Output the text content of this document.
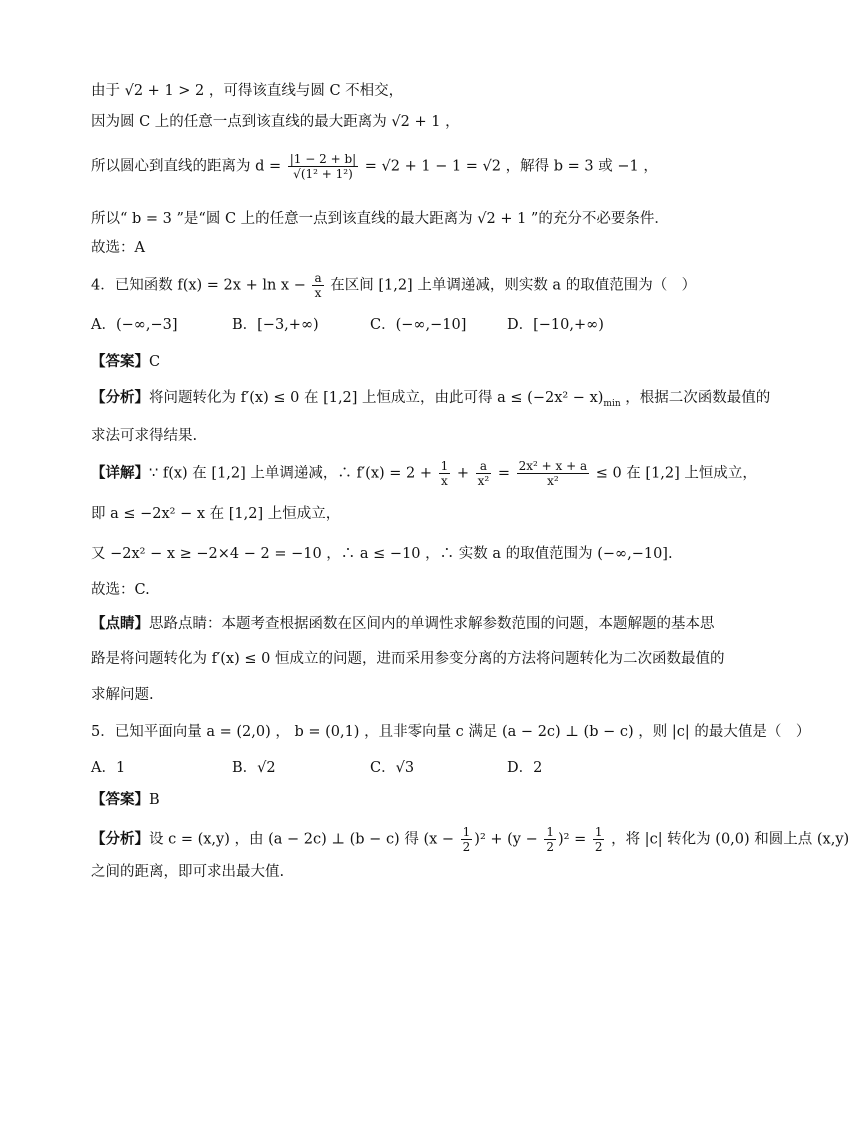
由于 √2 + 1 > 2 ，可得该直线与圆 C 不相交，
因为圆 C 上的任意一点到该直线的最大距离为 √2 + 1 ，
所以圆心到直线的距离为 $d = \frac{|1 - 2 + b|}{\text{√(1² + 1²)}} = √2 + 1 - 1 = √2$ ，解得 b = 3 或 −1 ，
所以“ b = 3 ”是“圆 C 上的任意一点到该直线的最大距离为 √2 + 1 ”的充分不必要条件．
故选：A
4．已知函数 $f(x) = 2x + \ln x - \frac{a}{x}$ 在区间 [1,2] 上单调递减，则实数 a 的取值范围为（　）
A．(−∞,−3]	B．[−3,+∞)	C．(−∞,−10]	D．[−10,+∞)
【答案】C
【分析】将问题转化为 f′(x) ≤ 0 在 [1,2] 上恒成立，由此可得 $a \le (-2x^2 - x)_{min}$ ，根据二次函数最值的
求法可求得结果.
【详解】∵ f(x) 在 [1,2] 上单调递减，∴ $f'(x) = 2 + \frac{1}{x} + \frac{a}{\text{x²}} = \frac{\text{2x² + x + a}}{\text{x²}} \le 0$ 在 [1,2] 上恒成立，
即 a ≤ −2x² − x 在 [1,2] 上恒成立，
又 −2x² − x ≥ −2×4 − 2 = −10 ，∴ a ≤ −10 ，∴ 实数 a 的取值范围为 (−∞,−10].
故选：C.
【点睛】思路点睛：本题考查根据函数在区间内的单调性求解参数范围的问题，本题解题的基本思
路是将问题转化为 f′(x) ≤ 0 恒成立的问题，进而采用参变分离的方法将问题转化为二次函数最值的
求解问题.
5．已知平面向量 a = (2,0) ， b = (0,1) ，且非零向量 c 满足 (a − 2c) ⊥ (b − c) ，则 |c| 的最大值是（　）
A．1	B．√2	C．√3	D．2
【答案】B
【分析】设 c = (x,y) ，由 (a − 2c) ⊥ (b − c) 得 $(x - \frac{1}{2} )^2 + (y - \frac{1}{2} )^2 = \frac{1}{2}$ ，将 |c| 转化为 (0,0) 和圆上点 (x,y)
之间的距离，即可求出最大值.
